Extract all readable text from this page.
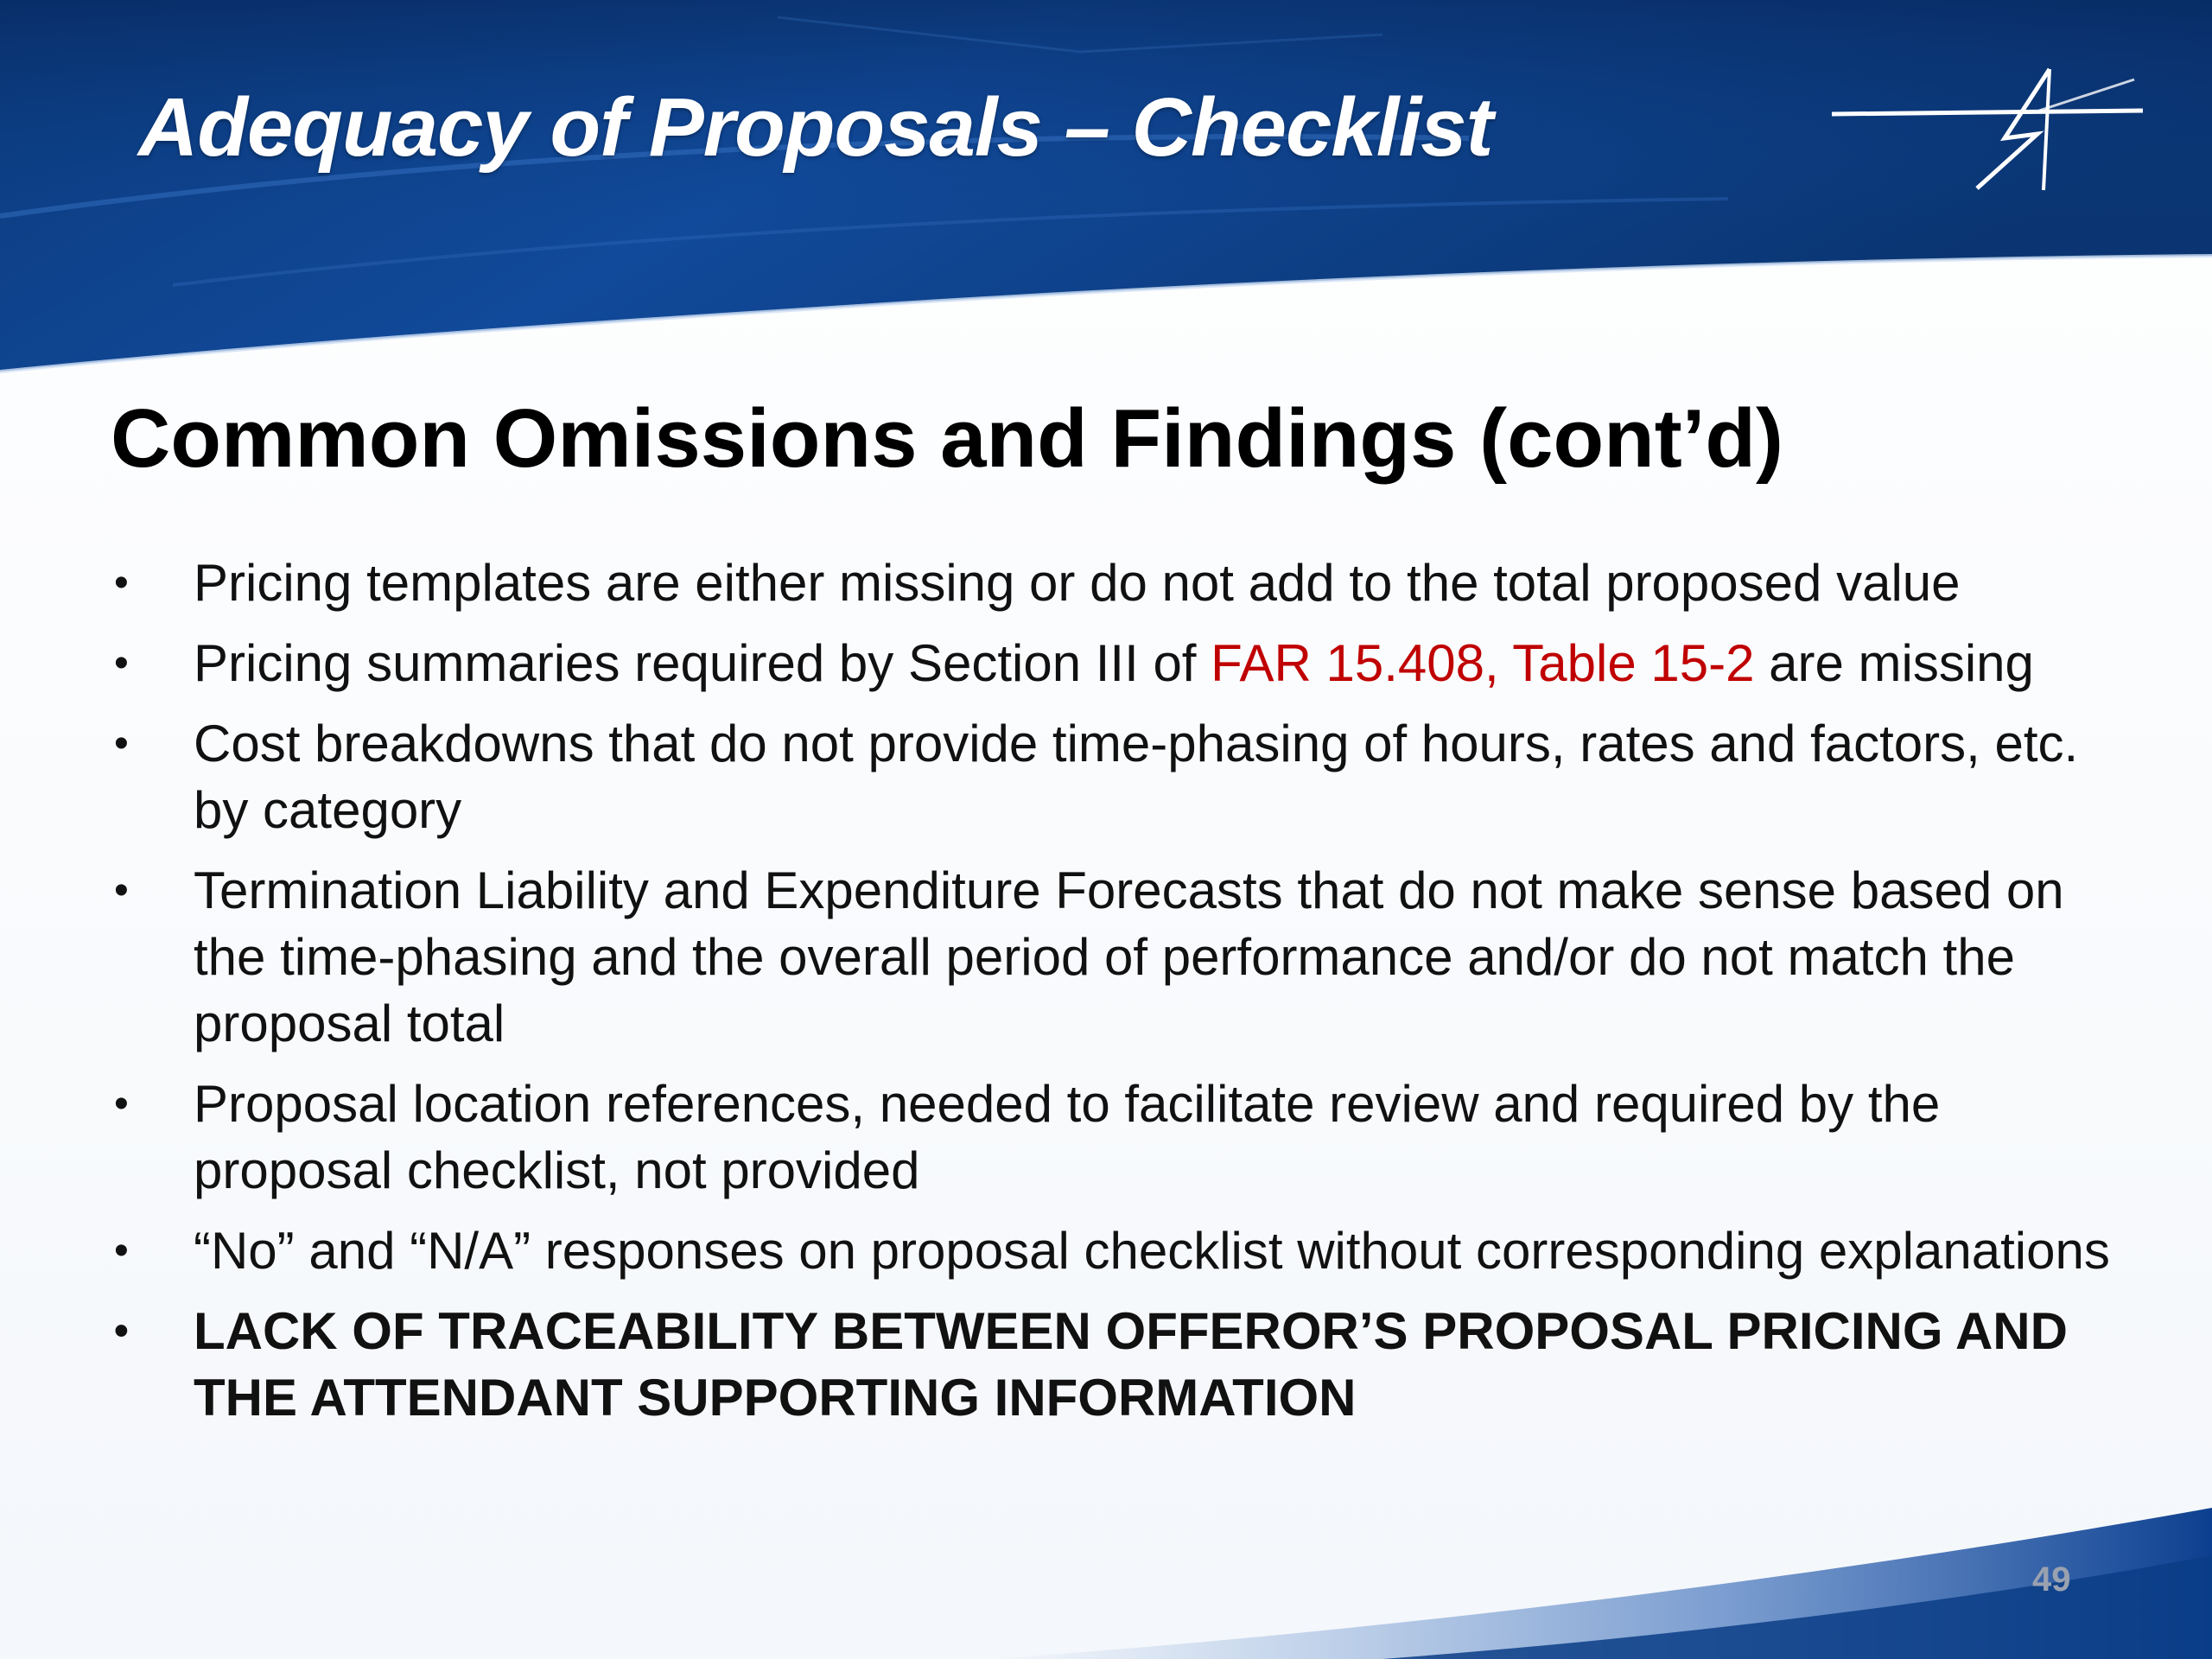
Adequacy of Proposals – Checklist
Common Omissions and Findings (cont’d)
• Pricing templates are either missing or do not add to the total proposed value
• Pricing summaries required by Section III of FAR 15.408, Table 15-2 are missing
• Cost breakdowns that do not provide time-phasing of hours, rates and factors, etc. by category
• Termination Liability and Expenditure Forecasts that do not make sense based on the time-phasing and the overall period of performance and/or do not match the proposal total
• Proposal location references, needed to facilitate review and required by the proposal checklist, not provided
• “No” and “N/A” responses on proposal checklist without corresponding explanations
• LACK OF TRACEABILITY BETWEEN OFFEROR’S PROPOSAL PRICING AND THE ATTENDANT SUPPORTING INFORMATION
49
